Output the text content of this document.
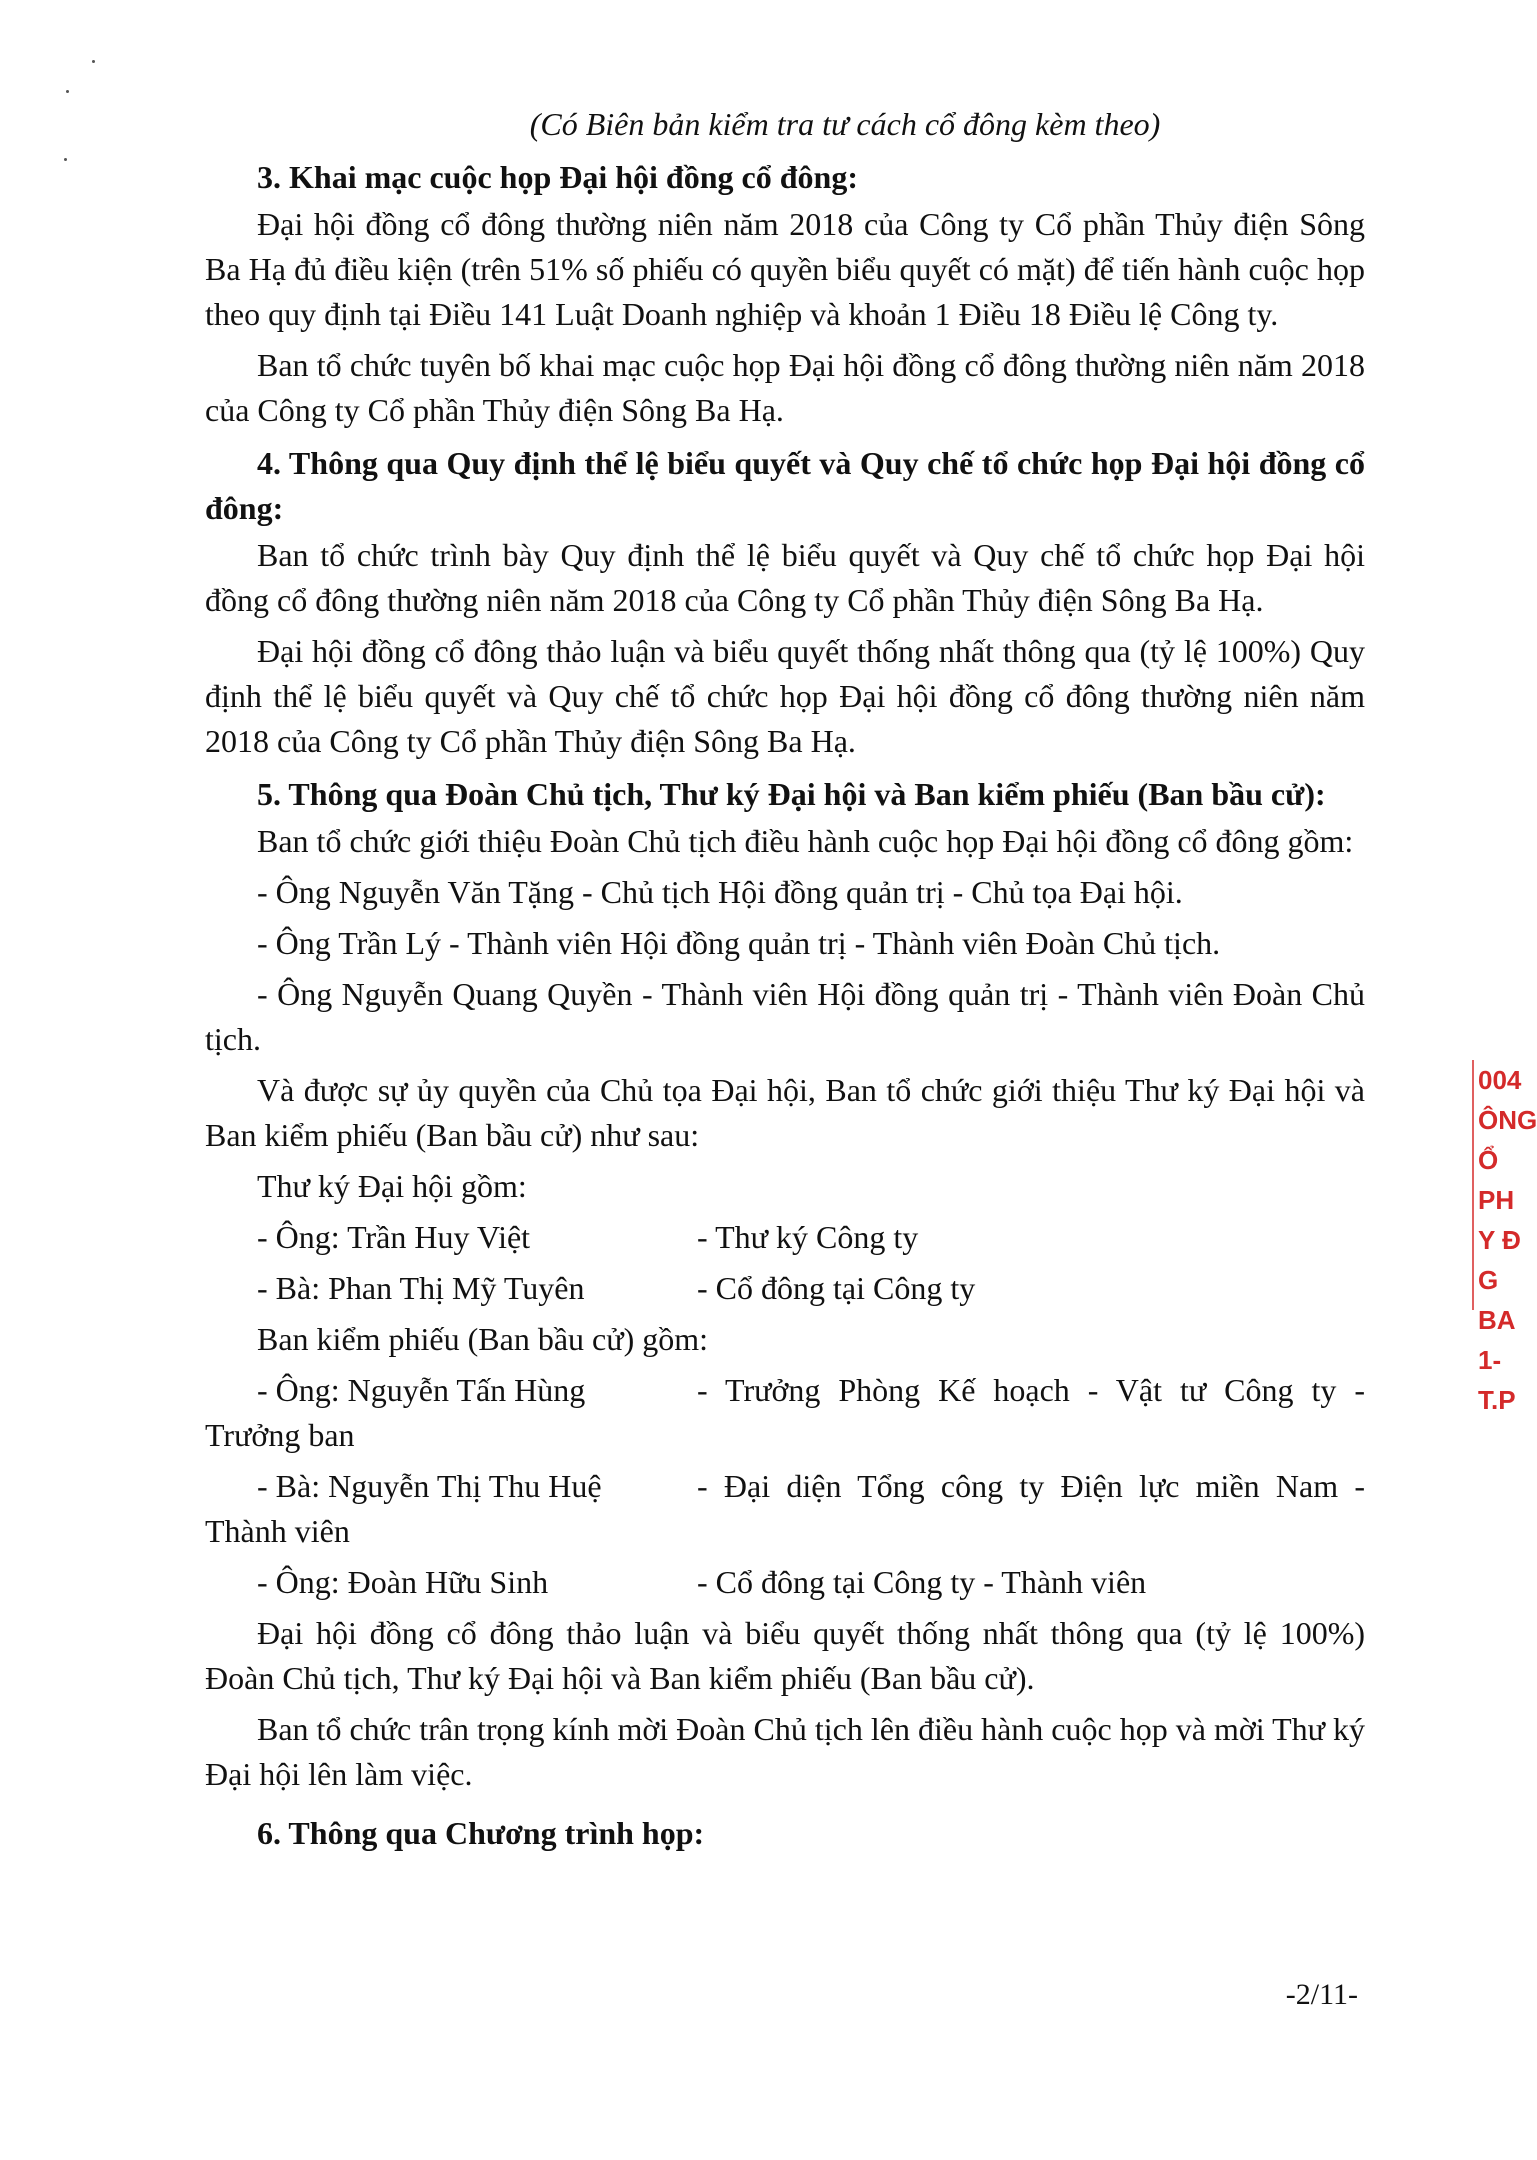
(Có Biên bản kiểm tra tư cách cổ đông kèm theo)
3. Khai mạc cuộc họp Đại hội đồng cổ đông:
Đại hội đồng cổ đông thường niên năm 2018 của Công ty Cổ phần Thủy điện Sông Ba Hạ đủ điều kiện (trên 51% số phiếu có quyền biểu quyết có mặt) để tiến hành cuộc họp theo quy định tại Điều 141 Luật Doanh nghiệp và khoản 1 Điều 18 Điều lệ Công ty.
Ban tổ chức tuyên bố khai mạc cuộc họp Đại hội đồng cổ đông thường niên năm 2018 của Công ty Cổ phần Thủy điện Sông Ba Hạ.
4. Thông qua Quy định thể lệ biểu quyết và Quy chế tổ chức họp Đại hội đồng cổ đông:
Ban tổ chức trình bày Quy định thể lệ biểu quyết và Quy chế tổ chức họp Đại hội đồng cổ đông thường niên năm 2018 của Công ty Cổ phần Thủy điện Sông Ba Hạ.
Đại hội đồng cổ đông thảo luận và biểu quyết thống nhất thông qua (tỷ lệ 100%) Quy định thể lệ biểu quyết và Quy chế tổ chức họp Đại hội đồng cổ đông thường niên năm 2018 của Công ty Cổ phần Thủy điện Sông Ba Hạ.
5. Thông qua Đoàn Chủ tịch, Thư ký Đại hội và Ban kiểm phiếu (Ban bầu cử):
Ban tổ chức giới thiệu Đoàn Chủ tịch điều hành cuộc họp Đại hội đồng cổ đông gồm:
- Ông Nguyễn Văn Tặng - Chủ tịch Hội đồng quản trị - Chủ tọa Đại hội.
- Ông Trần Lý - Thành viên Hội đồng quản trị - Thành viên Đoàn Chủ tịch.
- Ông Nguyễn Quang Quyền - Thành viên Hội đồng quản trị - Thành viên Đoàn Chủ tịch.
Và được sự ủy quyền của Chủ tọa Đại hội, Ban tổ chức giới thiệu Thư ký Đại hội và Ban kiểm phiếu (Ban bầu cử) như sau:
Thư ký Đại hội gồm:
- Ông: Trần Huy Việt	- Thư ký Công ty
- Bà: Phan Thị Mỹ Tuyên	- Cổ đông tại Công ty
Ban kiểm phiếu (Ban bầu cử) gồm:
- Ông: Nguyễn Tấn Hùng	- Trưởng Phòng Kế hoạch - Vật tư Công ty - Trưởng ban
- Bà: Nguyễn Thị Thu Huệ	- Đại diện Tổng công ty Điện lực miền Nam - Thành viên
- Ông: Đoàn Hữu Sinh	- Cổ đông tại Công ty - Thành viên
Đại hội đồng cổ đông thảo luận và biểu quyết thống nhất thông qua (tỷ lệ 100%) Đoàn Chủ tịch, Thư ký Đại hội và Ban kiểm phiếu (Ban bầu cử).
Ban tổ chức trân trọng kính mời Đoàn Chủ tịch lên điều hành cuộc họp và mời Thư ký Đại hội lên làm việc.
6. Thông qua Chương trình họp:
004
ÔNG
Ổ PH
Y Đ
G BA
1-T.P
-2/11-
